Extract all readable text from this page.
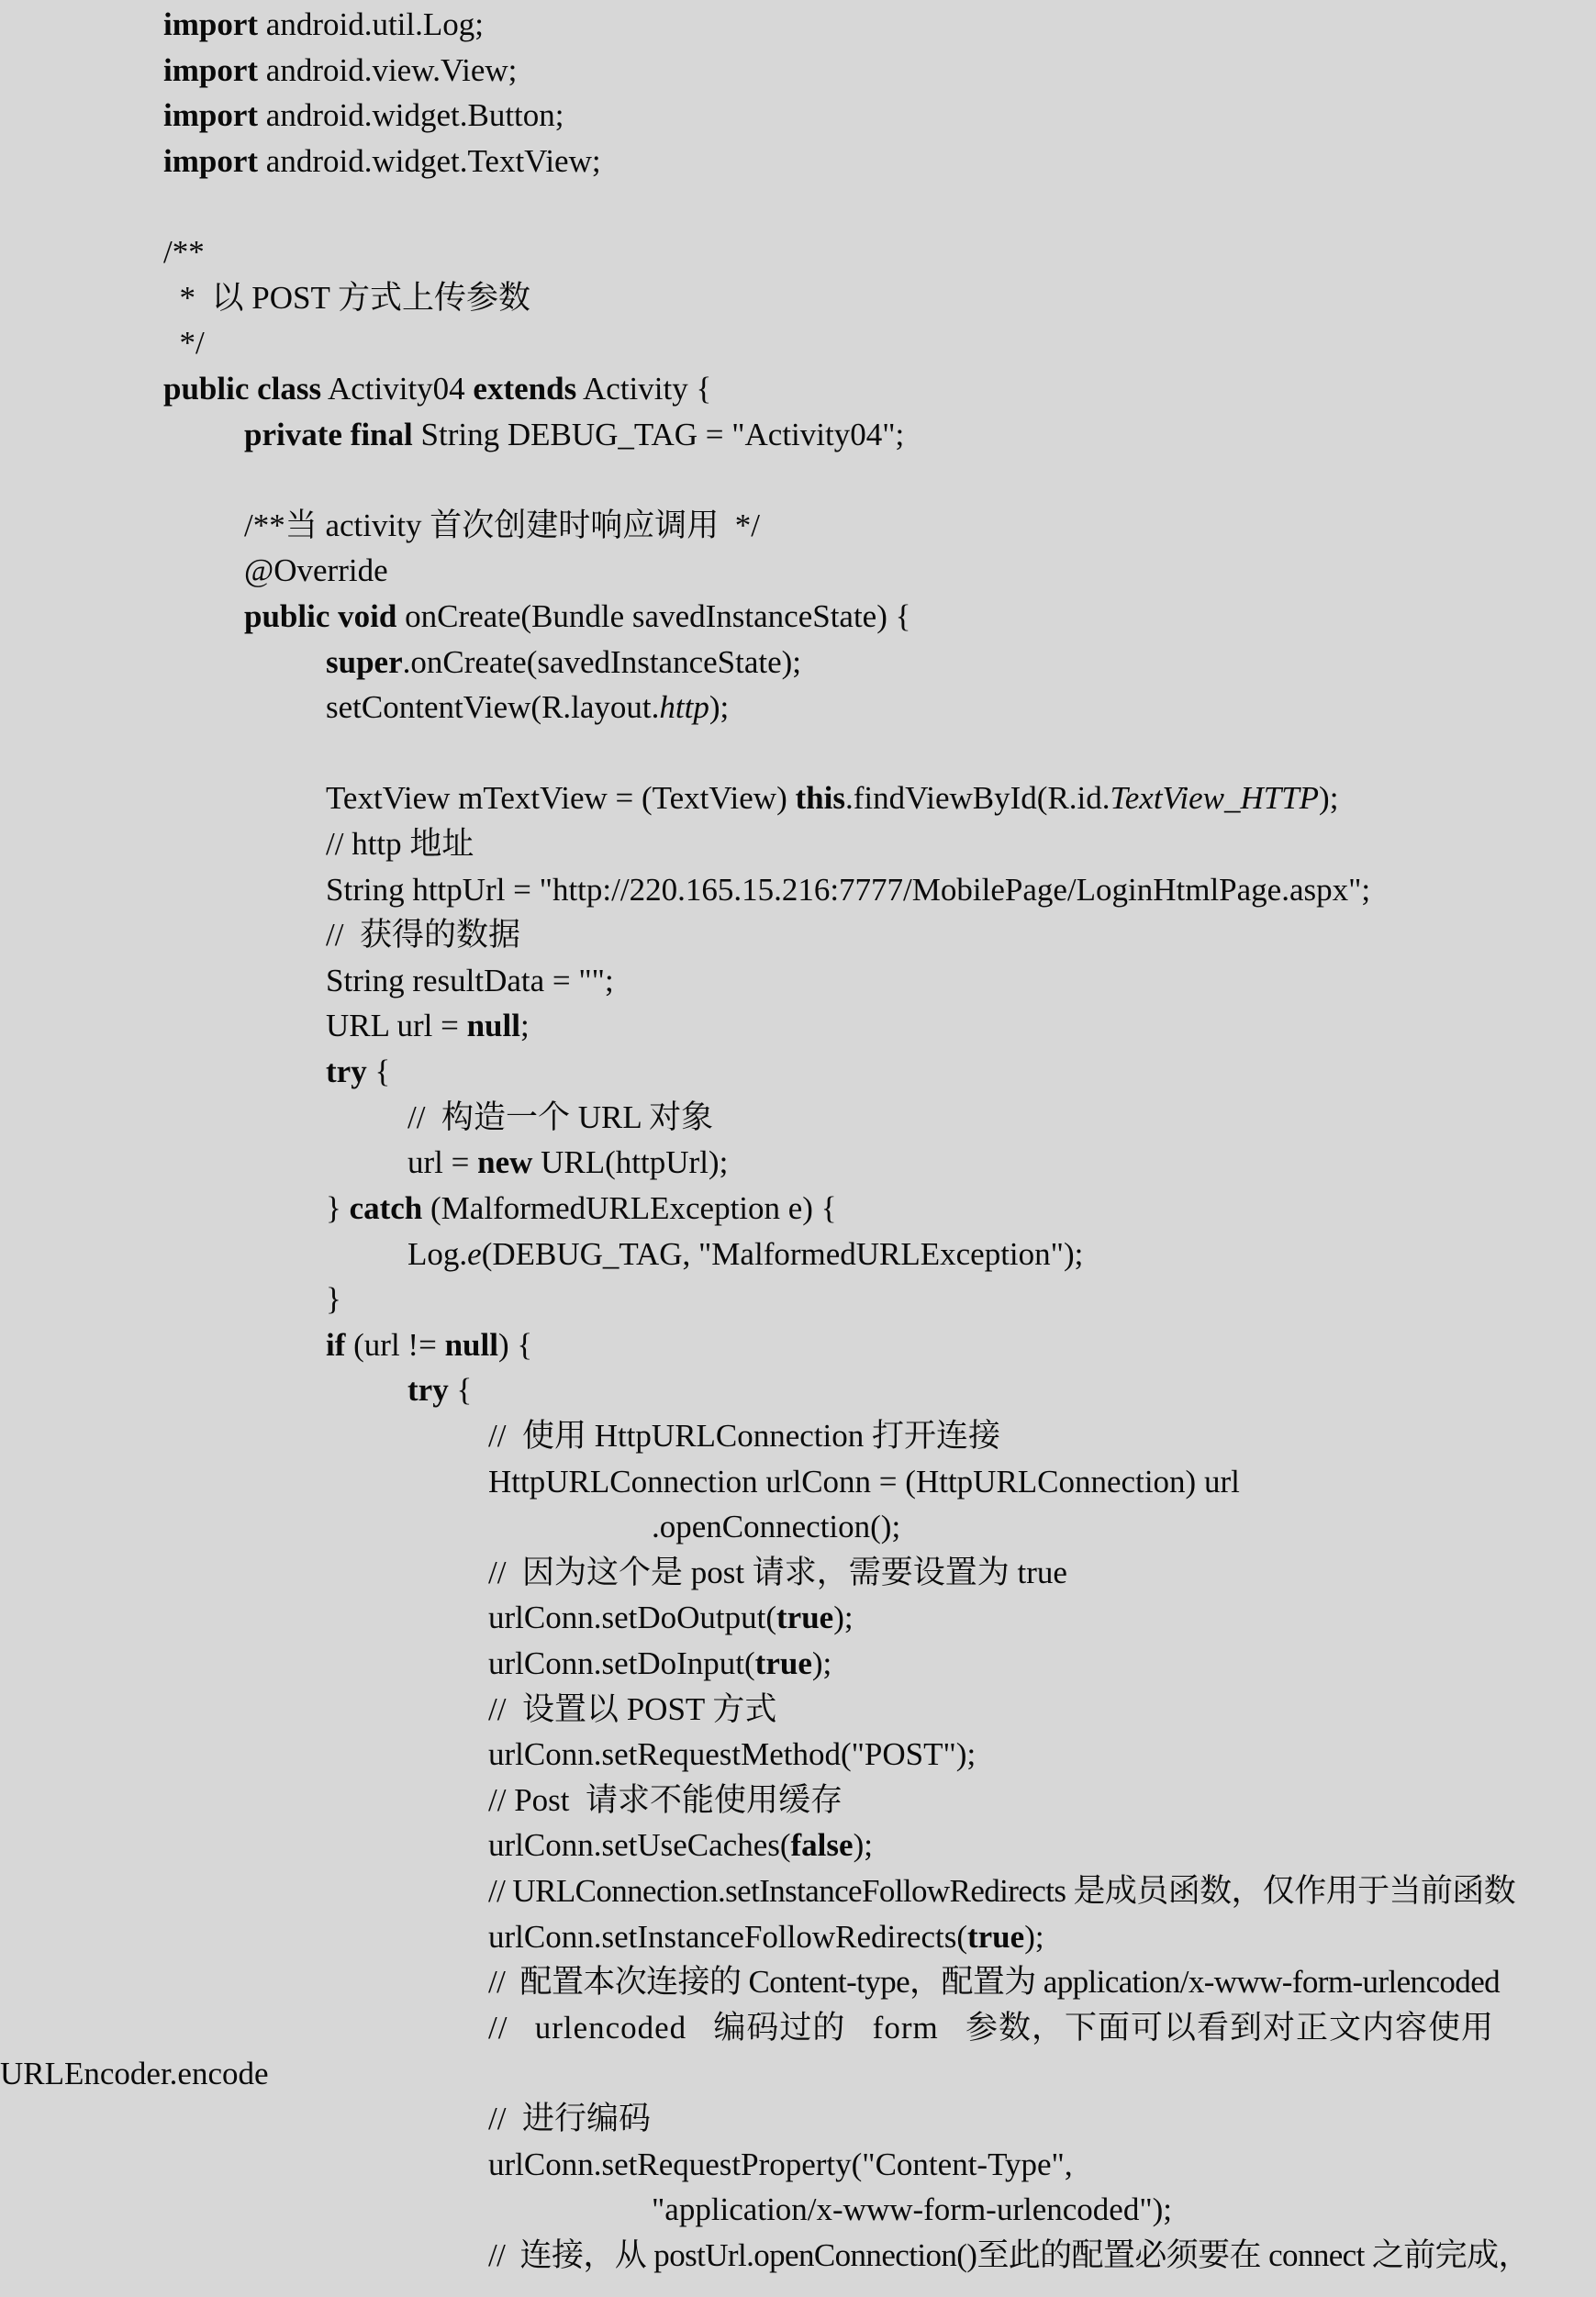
import android.util.Log;
import android.view.View;
import android.widget.Button;
import android.widget.TextView;
/**
*  以 POST 方式上传参数
*/
public class Activity04 extends Activity {
private final String DEBUG_TAG = "Activity04";
/**当 activity 首次创建时响应调用  */
@Override
public void onCreate(Bundle savedInstanceState) {
super.onCreate(savedInstanceState);
setContentView(R.layout.http);
TextView mTextView = (TextView) this.findViewById(R.id.TextView_HTTP);
// http 地址
String httpUrl = "http://220.165.15.216:7777/MobilePage/LoginHtmlPage.aspx";
//  获得的数据
String resultData = "";
URL url = null;
try {
//  构造一个 URL 对象
url = new URL(httpUrl);
} catch (MalformedURLException e) {
Log.e(DEBUG_TAG, "MalformedURLException");
}
if (url != null) {
try {
//  使用 HttpURLConnection 打开连接
HttpURLConnection urlConn = (HttpURLConnection) url
.openConnection();
//  因为这个是 post 请求，需要设置为 true
urlConn.setDoOutput(true);
urlConn.setDoInput(true);
//  设置以 POST 方式
urlConn.setRequestMethod("POST");
// Post  请求不能使用缓存
urlConn.setUseCaches(false);
// URLConnection.setInstanceFollowRedirects 是成员函数，仅作用于当前函数
urlConn.setInstanceFollowRedirects(true);
//  配置本次连接的 Content-type，配置为 application/x-www-form-urlencoded
//   urlencoded   编码过的   form   参数，下面可以看到对正文内容使用
URLEncoder.encode
//  进行编码
urlConn.setRequestProperty("Content-Type",
"application/x-www-form-urlencoded");
//  连接，从 postUrl.openConnection()至此的配置必须要在 connect 之前完成，
